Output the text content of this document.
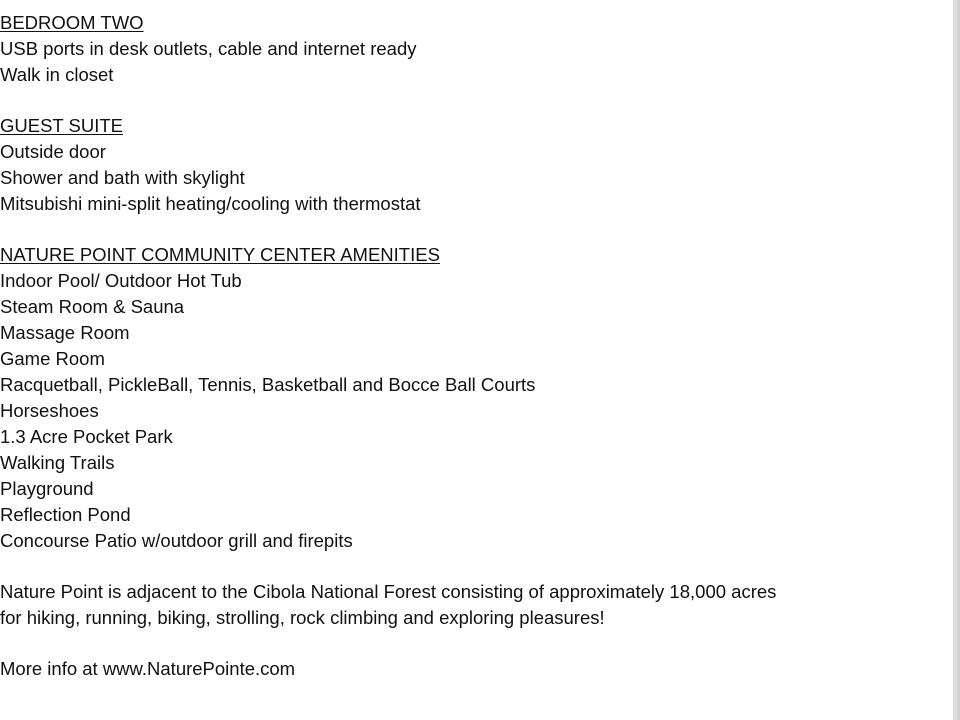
BEDROOM TWO
USB ports in desk outlets, cable and internet ready
Walk in closet
GUEST SUITE
Outside door
Shower and bath with skylight
Mitsubishi mini-split heating/cooling with thermostat
NATURE POINT COMMUNITY CENTER AMENITIES
Indoor Pool/ Outdoor Hot Tub
Steam Room & Sauna
Massage Room
Game Room
Racquetball, PickleBall, Tennis, Basketball and Bocce Ball Courts
Horseshoes
1.3 Acre Pocket Park
Walking Trails
Playground
Reflection Pond
Concourse Patio w/outdoor grill and firepits
Nature Point is adjacent to the Cibola National Forest consisting of approximately 18,000 acres
for hiking, running, biking, strolling, rock climbing and exploring pleasures!
More info at www.NaturePointe.com
